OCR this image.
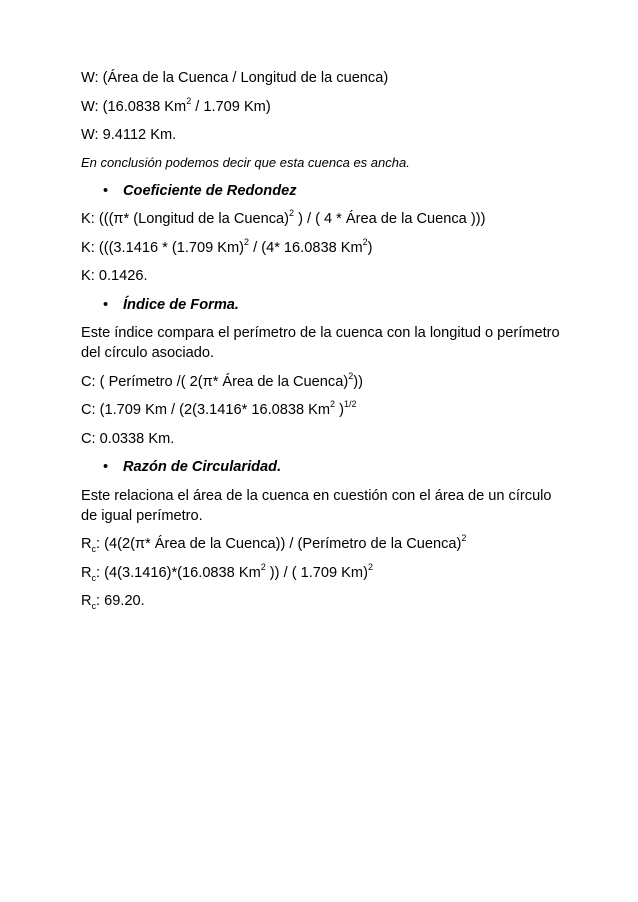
W: (Área de la Cuenca / Longitud de la cuenca)

W: (16.0838 Km$^2$ / 1.709 Km)

W: 9.4112 Km.

En conclusión podemos decir que esta cuenca es ancha.

•	Coeficiente de Redondez

K: (((π* (Longitud de la Cuenca)$^2$ ) / ( 4 * Área de la Cuenca )))

K: (((3.1416 * (1.709 Km)$^2$ / (4* 16.0838 Km$^2$)

K: 0.1426.

•	Índice de Forma.

Este índice compara el perímetro de la cuenca con la longitud o perímetro del círculo asociado.

C: ( Perímetro /( 2(π* Área de la Cuenca)$^2$))

C: (1.709 Km / (2(3.1416* 16.0838 Km$^2$ )$^{1/2}$

C: 0.0338 Km.

•	Razón de Circularidad.

Este relaciona el área de la cuenca en cuestión con el área de un círculo de igual perímetro.

$R_c$: (4(2(π* Área de la Cuenca)) / (Perímetro de la Cuenca)$^2$

$R_c$: (4(3.1416)*(16.0838 Km$^2$ )) / ( 1.709 Km)$^2$

$R_c$: 69.20.
